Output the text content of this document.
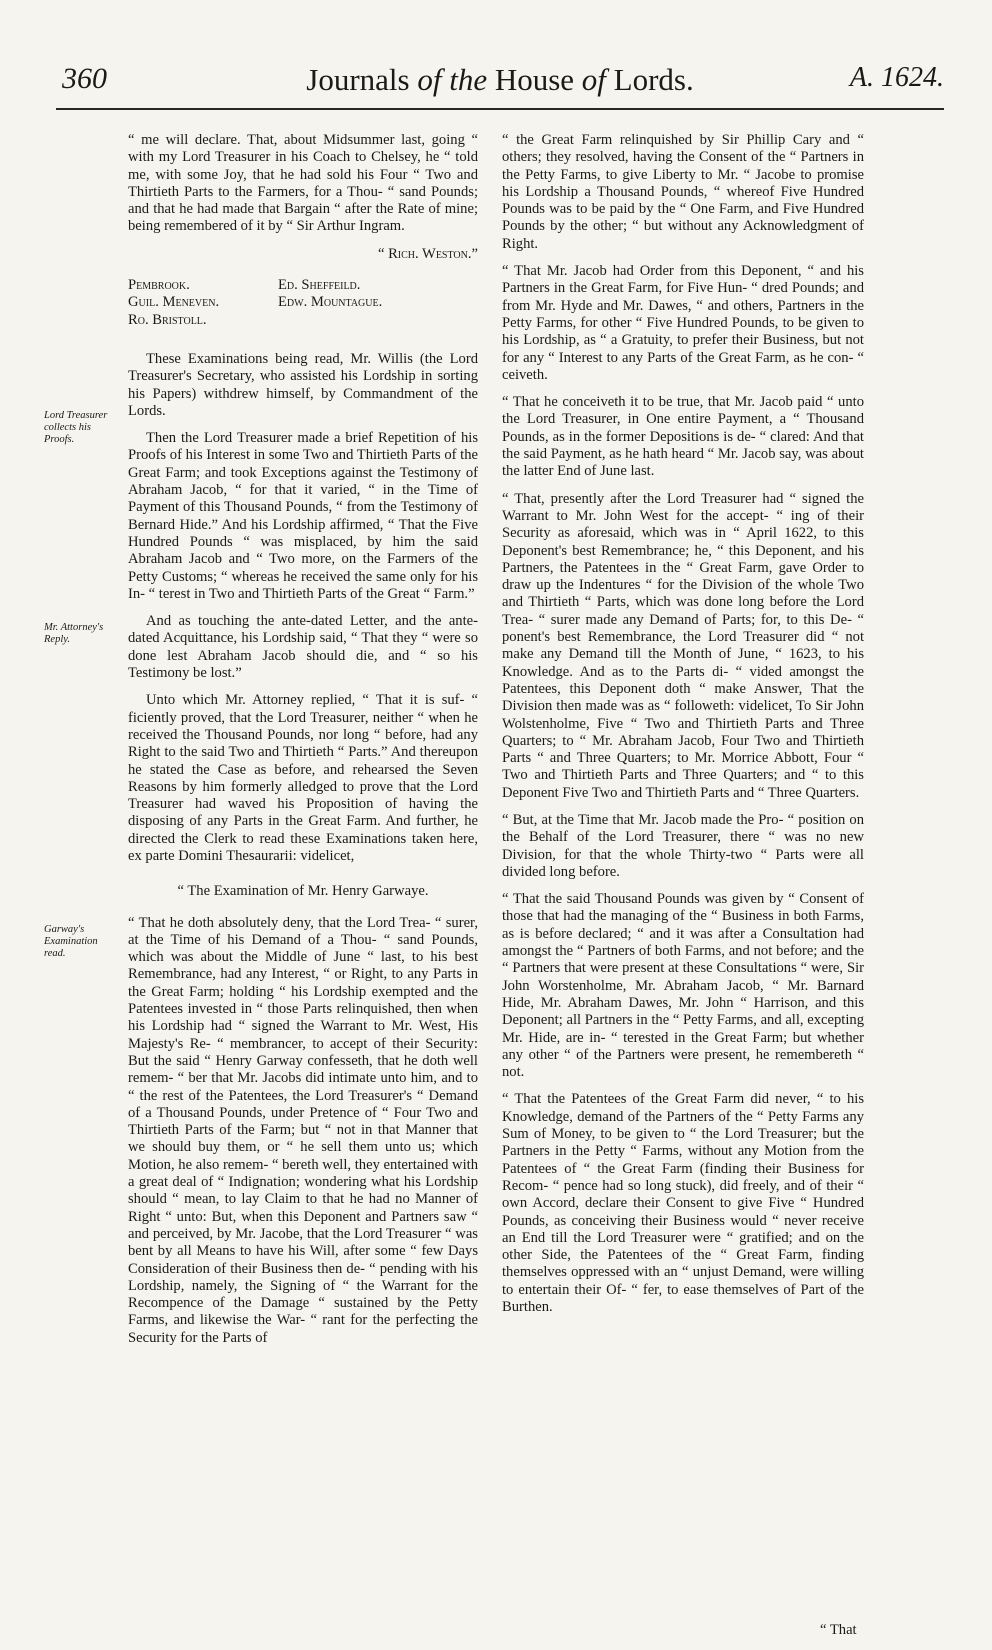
360	Journals of the House of Lords.	A. 1624.
Lord Treasurer collects his Proofs.
Mr. Attorney's Reply.
Garway's Examination read.

“ me will declare. That, about Midsummer last, going “ with my Lord Treasurer in his Coach to Chelsey, he “ told me, with some Joy, that he had sold his Four “ Two and Thirtieth Parts to the Farmers, for a Thou- “ sand Pounds; and that he had made that Bargain “ after the Rate of mine; being remembered of it by “ Sir Arthur Ingram.

“ Rich. Weston.”
Pembrook.	Ed. Sheffeild.
Guil. Meneven.	Edw. Mountague.
Ro. Bristoll.

These Examinations being read, Mr. Willis (the Lord Treasurer's Secretary, who assisted his Lordship in sorting his Papers) withdrew himself, by Commandment of the Lords.

Then the Lord Treasurer made a brief Repetition of his Proofs of his Interest in some Two and Thirtieth Parts of the Great Farm; and took Exceptions against the Testimony of Abraham Jacob, “ for that it varied, “ in the Time of Payment of this Thousand Pounds, “ from the Testimony of Bernard Hide.” And his Lordship affirmed, “ That the Five Hundred Pounds “ was misplaced, by him the said Abraham Jacob and “ Two more, on the Farmers of the Petty Customs; “ whereas he received the same only for his In- “ terest in Two and Thirtieth Parts of the Great “ Farm.”

And as touching the ante-dated Letter, and the ante-dated Acquittance, his Lordship said, “ That they “ were so done lest Abraham Jacob should die, and “ so his Testimony be lost.”

Unto which Mr. Attorney replied, “ That it is suf- “ ficiently proved, that the Lord Treasurer, neither “ when he received the Thousand Pounds, nor long “ before, had any Right to the said Two and Thirtieth “ Parts.” And thereupon he stated the Case as before, and rehearsed the Seven Reasons by him formerly alledged to prove that the Lord Treasurer had waved his Proposition of having the disposing of any Parts in the Great Farm. And further, he directed the Clerk to read these Examinations taken here, ex parte Domini Thesaurarii: videlicet,

“ The Examination of Mr. Henry Garwaye.

“ That he doth absolutely deny, that the Lord Trea- “ surer, at the Time of his Demand of a Thou- “ sand Pounds, which was about the Middle of June “ last, to his best Remembrance, had any Interest, “ or Right, to any Parts in the Great Farm; holding “ his Lordship exempted and the Patentees invested in “ those Parts relinquished, then when his Lordship had “ signed the Warrant to Mr. West, His Majesty's Re- “ membrancer, to accept of their Security: But the said “ Henry Garway confesseth, that he doth well remem- “ ber that Mr. Jacobs did intimate unto him, and to “ the rest of the Patentees, the Lord Treasurer's “ Demand of a Thousand Pounds, under Pretence of “ Four Two and Thirtieth Parts of the Farm; but “ not in that Manner that we should buy them, or “ he sell them unto us; which Motion, he also remem- “ bereth well, they entertained with a great deal of “ Indignation; wondering what his Lordship should “ mean, to lay Claim to that he had no Manner of Right “ unto: But, when this Deponent and Partners saw “ and perceived, by Mr. Jacobe, that the Lord Treasurer “ was bent by all Means to have his Will, after some “ few Days Consideration of their Business then de- “ pending with his Lordship, namely, the Signing of “ the Warrant for the Recompence of the Damage “ sustained by the Petty Farms, and likewise the War- “ rant for the perfecting the Security for the Parts of

“ the Great Farm relinquished by Sir Phillip Cary and “ others; they resolved, having the Consent of the “ Partners in the Petty Farms, to give Liberty to Mr. “ Jacobe to promise his Lordship a Thousand Pounds, “ whereof Five Hundred Pounds was to be paid by the “ One Farm, and Five Hundred Pounds by the other; “ but without any Acknowledgment of Right.

“ That Mr. Jacob had Order from this Deponent, “ and his Partners in the Great Farm, for Five Hun- “ dred Pounds; and from Mr. Hyde and Mr. Dawes, “ and others, Partners in the Petty Farms, for other “ Five Hundred Pounds, to be given to his Lordship, as “ a Gratuity, to prefer their Business, but not for any “ Interest to any Parts of the Great Farm, as he con- “ ceiveth.

“ That he conceiveth it to be true, that Mr. Jacob paid “ unto the Lord Treasurer, in One entire Payment, a “ Thousand Pounds, as in the former Depositions is de- “ clared: And that the said Payment, as he hath heard “ Mr. Jacob say, was about the latter End of June last.

“ That, presently after the Lord Treasurer had “ signed the Warrant to Mr. John West for the accept- “ ing of their Security as aforesaid, which was in “ April 1622, to this Deponent's best Remembrance; he, “ this Deponent, and his Partners, the Patentees in the “ Great Farm, gave Order to draw up the Indentures “ for the Division of the whole Two and Thirtieth “ Parts, which was done long before the Lord Trea- “ surer made any Demand of Parts; for, to this De- “ ponent's best Remembrance, the Lord Treasurer did “ not make any Demand till the Month of June, “ 1623, to his Knowledge. And as to the Parts di- “ vided amongst the Patentees, this Deponent doth “ make Answer, That the Division then made was as “ followeth: videlicet, To Sir John Wolstenholme, Five “ Two and Thirtieth Parts and Three Quarters; to “ Mr. Abraham Jacob, Four Two and Thirtieth Parts “ and Three Quarters; to Mr. Morrice Abbott, Four “ Two and Thirtieth Parts and Three Quarters; and “ to this Deponent Five Two and Thirtieth Parts and “ Three Quarters.

“ But, at the Time that Mr. Jacob made the Pro- “ position on the Behalf of the Lord Treasurer, there “ was no new Division, for that the whole Thirty-two “ Parts were all divided long before.

“ That the said Thousand Pounds was given by “ Consent of those that had the managing of the “ Business in both Farms, as is before declared; “ and it was after a Consultation had amongst the “ Partners of both Farms, and not before; and the “ Partners that were present at these Consultations “ were, Sir John Worstenholme, Mr. Abraham Jacob, “ Mr. Barnard Hide, Mr. Abraham Dawes, Mr. John “ Harrison, and this Deponent; all Partners in the “ Petty Farms, and all, excepting Mr. Hide, are in- “ terested in the Great Farm; but whether any other “ of the Partners were present, he remembereth “ not.

“ That the Patentees of the Great Farm did never, “ to his Knowledge, demand of the Partners of the “ Petty Farms any Sum of Money, to be given to “ the Lord Treasurer; but the Partners in the Petty “ Farms, without any Motion from the Patentees of “ the Great Farm (finding their Business for Recom- “ pence had so long stuck), did freely, and of their “ own Accord, declare their Consent to give Five “ Hundred Pounds, as conceiving their Business would “ never receive an End till the Lord Treasurer were “ gratified; and on the other Side, the Patentees of the “ Great Farm, finding themselves oppressed with an “ unjust Demand, were willing to entertain their Of- “ fer, to ease themselves of Part of the Burthen.

“ That
